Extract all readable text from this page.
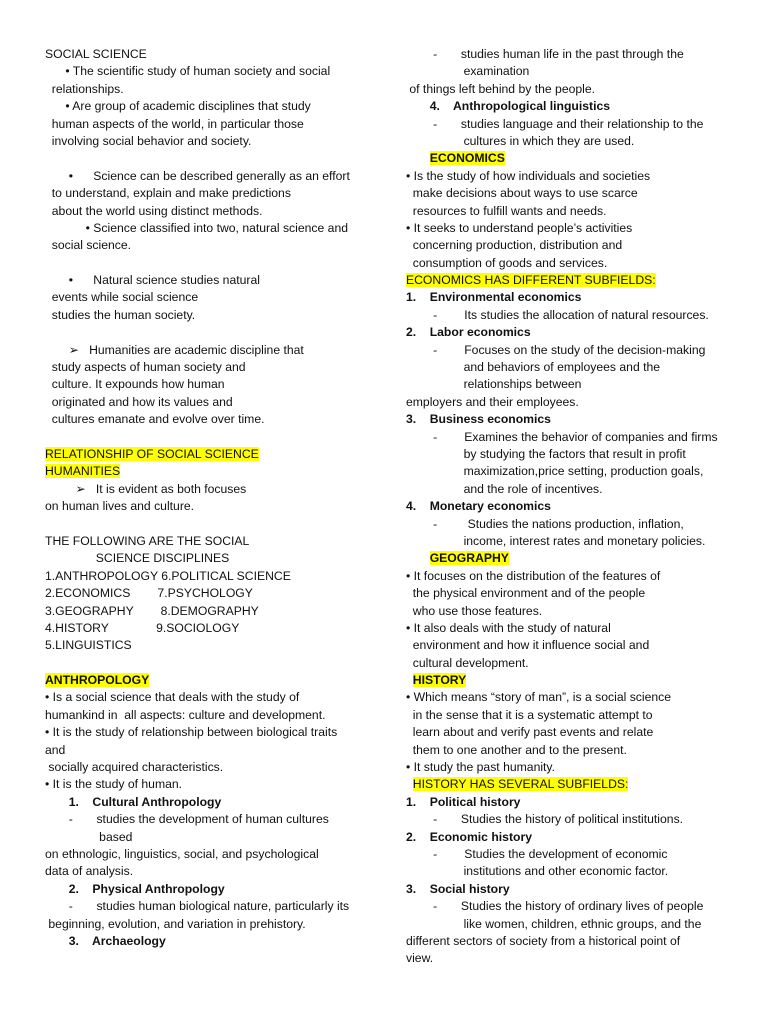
SOCIAL SCIENCE
• The scientific study of human society and social
relationships.
• Are group of academic disciplines that study
human aspects of the world, in particular those
involving social behavior and society.
•      Science can be described generally as an effort
to understand, explain and make predictions
about the world using distinct methods.
• Science classified into two, natural science and
social science.
•      Natural science studies natural
events while social science
studies the human society.
➢   Humanities are academic discipline that
study aspects of human society and
culture. It expounds how human
originated and how its values and
cultures emanate and evolve over time.
RELATIONSHIP OF SOCIAL SCIENCE
HUMANITIES
➢   It is evident as both focuses
on human lives and culture.
THE FOLLOWING ARE THE SOCIAL
SCIENCE DISCIPLINES
1.ANTHROPOLOGY 6.POLITICAL SCIENCE
2.ECONOMICS        7.PSYCHOLOGY
3.GEOGRAPHY        8.DEMOGRAPHY
4.HISTORY              9.SOCIOLOGY
5.LINGUISTICS
ANTHROPOLOGY
• Is a social science that deals with the study of
humankind in  all aspects: culture and development.
• It is the study of relationship between biological traits
and
socially acquired characteristics.
• It is the study of human.
1.    Cultural Anthropology
-       studies the development of human cultures
based
on ethnologic, linguistics, social, and psychological
data of analysis.
2.    Physical Anthropology
-       studies human biological nature, particularly its
beginning, evolution, and variation in prehistory.
3.    Archaeology
-       studies human life in the past through the
examination
of things left behind by the people.
4.    Anthropological linguistics
-       studies language and their relationship to the
cultures in which they are used.
ECONOMICS
• Is the study of how individuals and societies
make decisions about ways to use scarce
resources to fulfill wants and needs.
• It seeks to understand people’s activities
concerning production, distribution and
consumption of goods and services.
ECONOMICS HAS DIFFERENT SUBFIELDS:
1.    Environmental economics
-        Its studies the allocation of natural resources.
2.    Labor economics
-        Focuses on the study of the decision-making
and behaviors of employees and the
relationships between
employers and their employees.
3.    Business economics
-        Examines the behavior of companies and firms
by studying the factors that result in profit
maximization,price setting, production goals,
and the role of incentives.
4.    Monetary economics
-         Studies the nations production, inflation,
income, interest rates and monetary policies.
GEOGRAPHY
• It focuses on the distribution of the features of
the physical environment and of the people
who use those features.
• It also deals with the study of natural
environment and how it influence social and
cultural development.
HISTORY
• Which means “story of man”, is a social science
in the sense that it is a systematic attempt to
learn about and verify past events and relate
them to one another and to the present.
• It study the past humanity.
HISTORY HAS SEVERAL SUBFIELDS:
1.    Political history
-       Studies the history of political institutions.
2.    Economic history
-        Studies the development of economic
institutions and other economic factor.
3.    Social history
-       Studies the history of ordinary lives of people
like women, children, ethnic groups, and the
different sectors of society from a historical point of
view.
